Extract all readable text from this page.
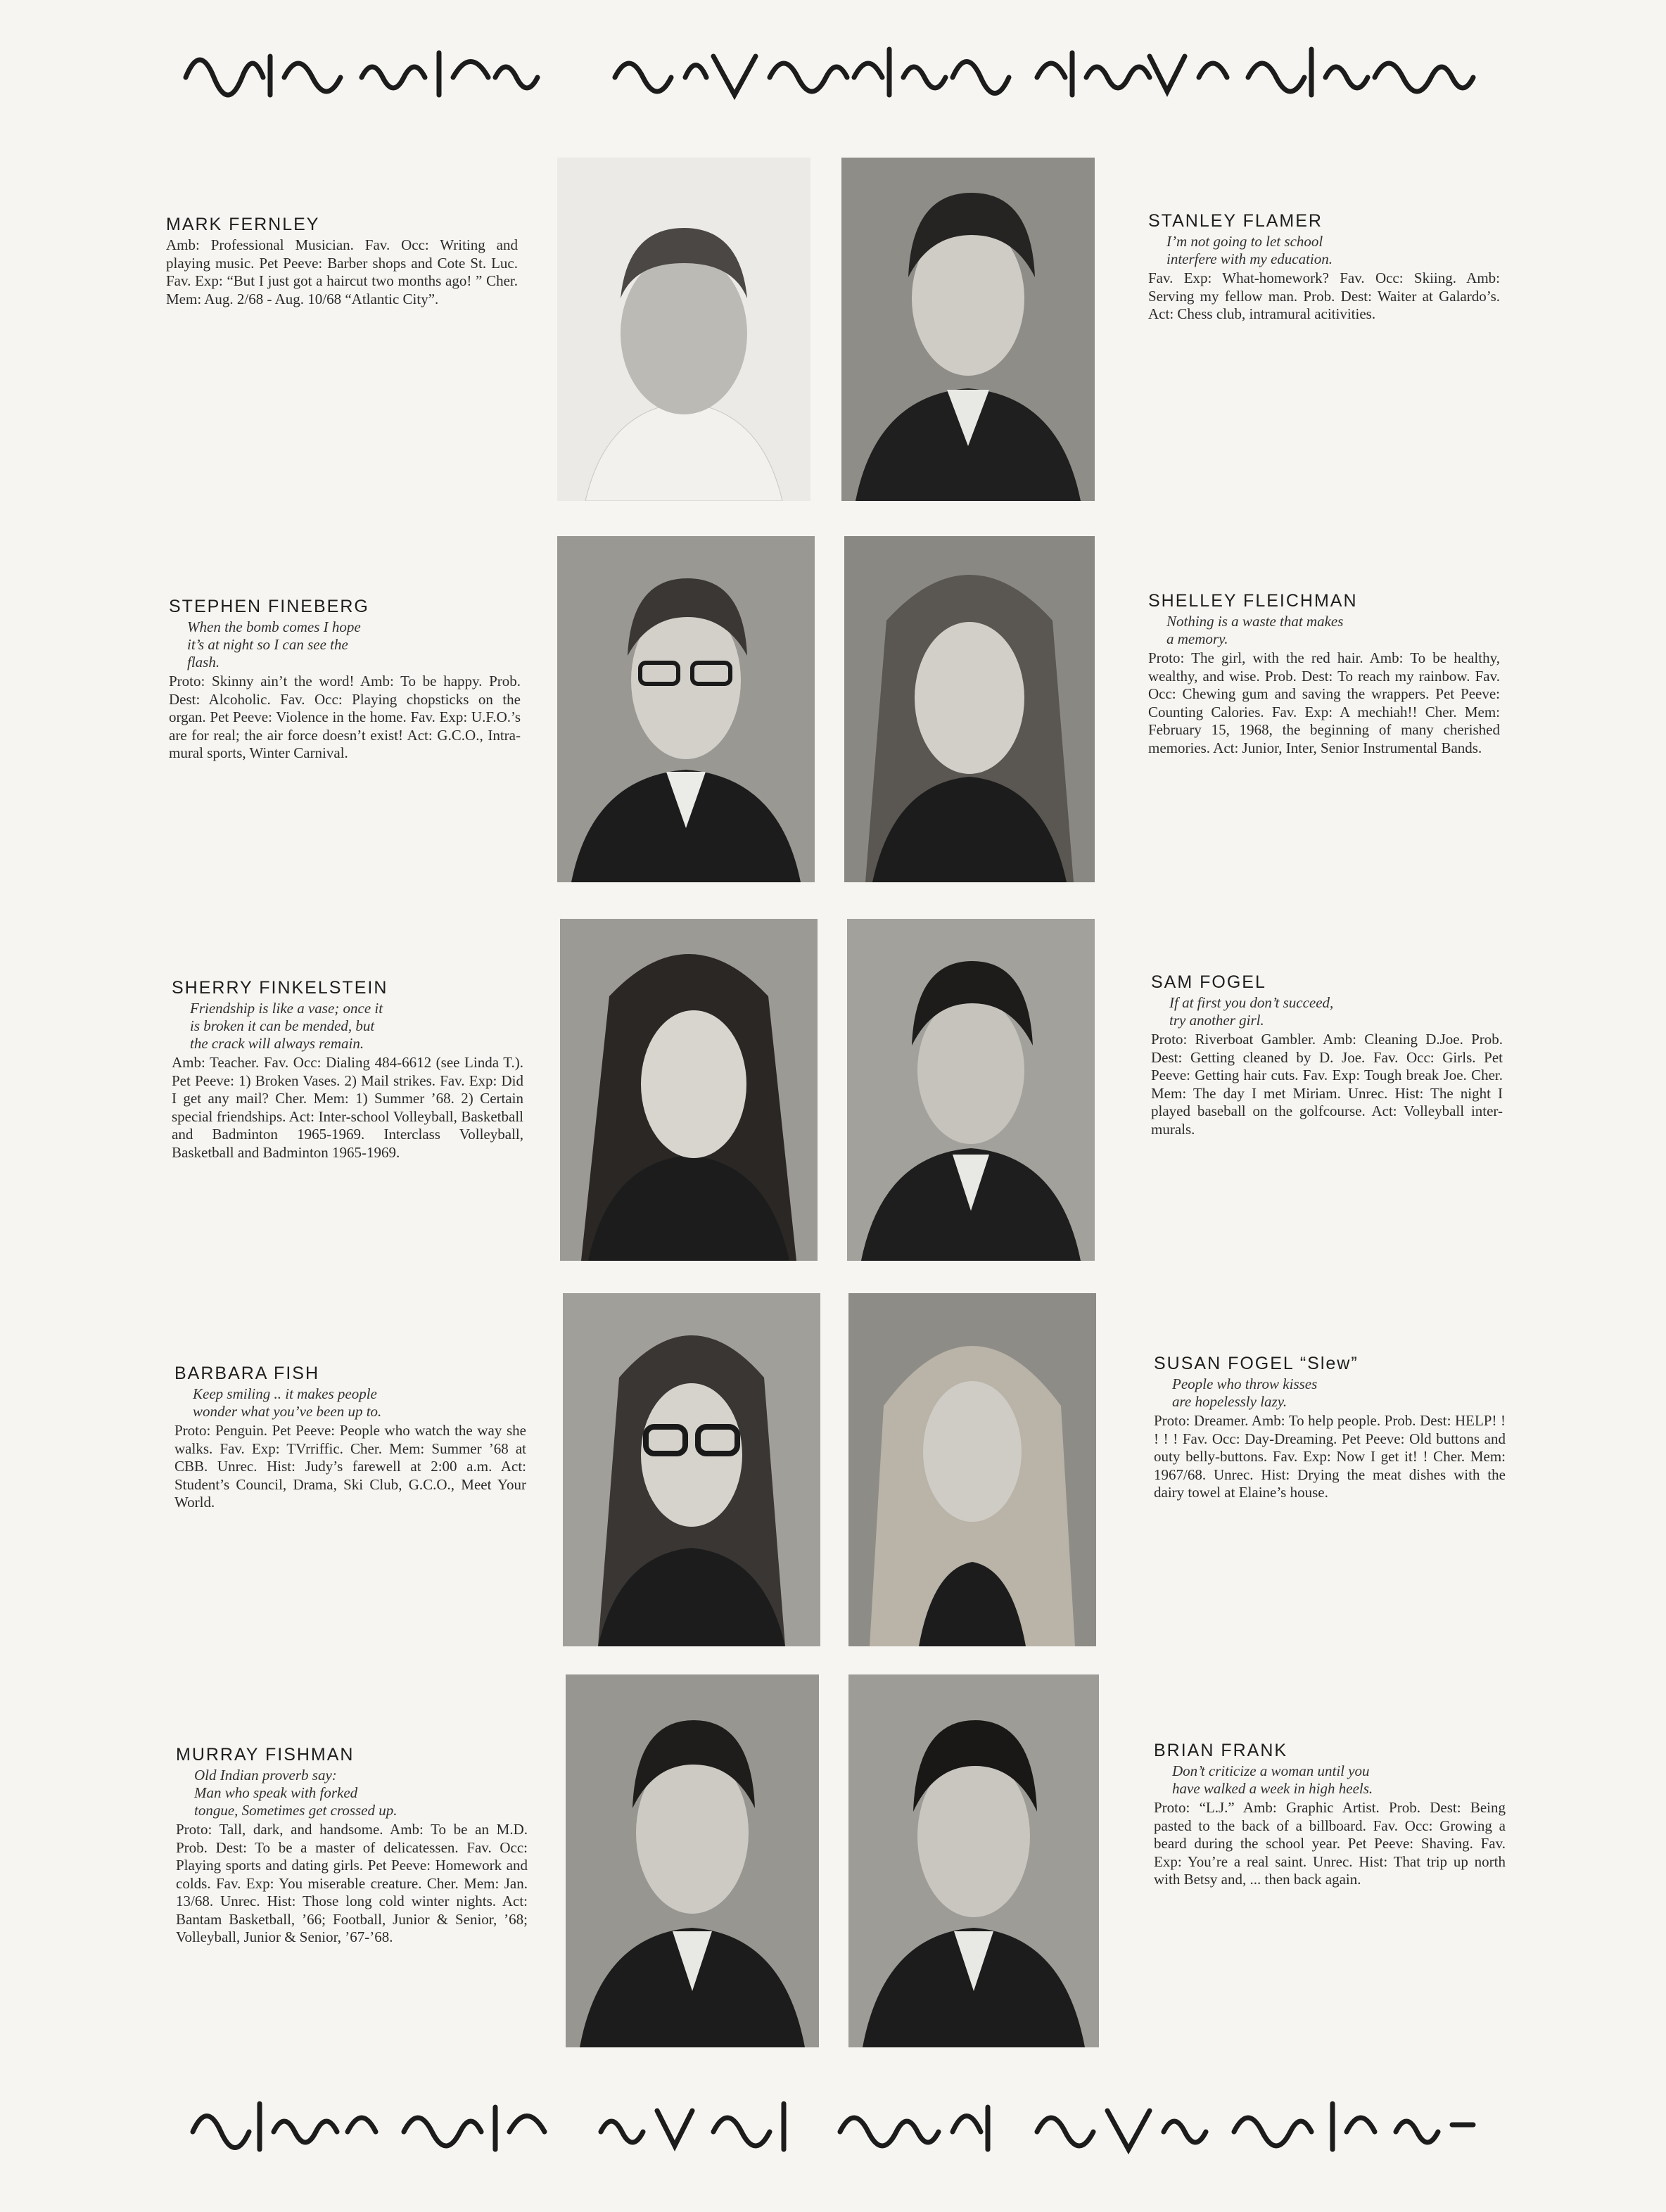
MARK FERNLEY

Amb: Professional Musician. Fav. Occ: Writing and playing music. Pet Peeve: Barber shops and Cote St. Luc. Fav. Exp: “But I just got a haircut two months ago! ” Cher. Mem: Aug. 2/68 - Aug. 10/68 “Atlantic City”.

STANLEY FLAMER
I’m not going to let school
interfere with my education.

Fav. Exp: What-homework? Fav. Occ: Skiing. Amb: Serving my fellow man. Prob. Dest: Waiter at Galardo’s. Act: Chess club, intramural acitivities.

STEPHEN FINEBERG
When the bomb comes I hope
it’s at night so I can see the
flash.

Proto: Skinny ain’t the word! Amb: To be happy. Prob. Dest: Alcoholic. Fav. Occ: Playing chopsticks on the organ. Pet Peeve: Violence in the home. Fav. Exp: U.F.O.’s are for real; the air force doesn’t exist! Act: G.C.O., Intra-mural sports, Winter Carnival.

SHELLEY FLEICHMAN
Nothing is a waste that makes
a memory.

Proto: The girl, with the red hair. Amb: To be healthy, wealthy, and wise. Prob. Dest: To reach my rainbow. Fav. Occ: Chewing gum and saving the wrappers. Pet Peeve: Counting Calories. Fav. Exp: A mechiah!! Cher. Mem: February 15, 1968, the beginning of many cherished memories. Act: Junior, Inter, Senior Instrumental Bands.

SHERRY FINKELSTEIN
Friendship is like a vase; once it
is broken it can be mended, but
the crack will always remain.

Amb: Teacher. Fav. Occ: Dialing 484-6612 (see Linda T.). Pet Peeve: 1) Broken Vases. 2) Mail strikes. Fav. Exp: Did I get any mail? Cher. Mem: 1) Summer ’68. 2) Certain special friendships. Act: Inter-school Volleyball, Basketball and Badminton 1965-1969. Interclass Volleyball, Basketball and Badminton 1965-1969.

SAM FOGEL
If at first you don’t succeed,
try another girl.

Proto: Riverboat Gambler. Amb: Cleaning D.Joe. Prob. Dest: Getting cleaned by D. Joe. Fav. Occ: Girls. Pet Peeve: Getting hair cuts. Fav. Exp: Tough break Joe. Cher. Mem: The day I met Miriam. Unrec. Hist: The night I played baseball on the golfcourse. Act: Volleyball inter-murals.

BARBARA FISH
Keep smiling .. it makes people
wonder what you’ve been up to.

Proto: Penguin. Pet Peeve: People who watch the way she walks. Fav. Exp: TVrriffic. Cher. Mem: Summer ’68 at CBB. Unrec. Hist: Judy’s farewell at 2:00 a.m. Act: Student’s Council, Drama, Ski Club, G.C.O., Meet Your World.

SUSAN FOGEL “Slew”
People who throw kisses
are hopelessly lazy.

Proto: Dreamer. Amb: To help people. Prob. Dest: HELP! ! ! ! ! Fav. Occ: Day-Dreaming. Pet Peeve: Old buttons and outy belly-buttons. Fav. Exp: Now I get it! ! Cher. Mem: 1967/68. Unrec. Hist: Drying the meat dishes with the dairy towel at Elaine’s house.

MURRAY FISHMAN
Old Indian proverb say:
Man who speak with forked
tongue, Sometimes get crossed up.

Proto: Tall, dark, and handsome. Amb: To be an M.D. Prob. Dest: To be a master of delicatessen. Fav. Occ: Playing sports and dating girls. Pet Peeve: Homework and colds. Fav. Exp: You miserable creature. Cher. Mem: Jan. 13/68. Unrec. Hist: Those long cold winter nights. Act: Bantam Basketball, ’66; Football, Junior & Senior, ’68; Volleyball, Junior & Senior, ’67-’68.

BRIAN FRANK
Don’t criticize a woman until you
have walked a week in high heels.

Proto: “L.J.” Amb: Graphic Artist. Prob. Dest: Being pasted to the back of a billboard. Fav. Occ: Growing a beard during the school year. Pet Peeve: Shaving. Fav. Exp: You’re a real saint. Unrec. Hist: That trip up north with Betsy and, ... then back again.
